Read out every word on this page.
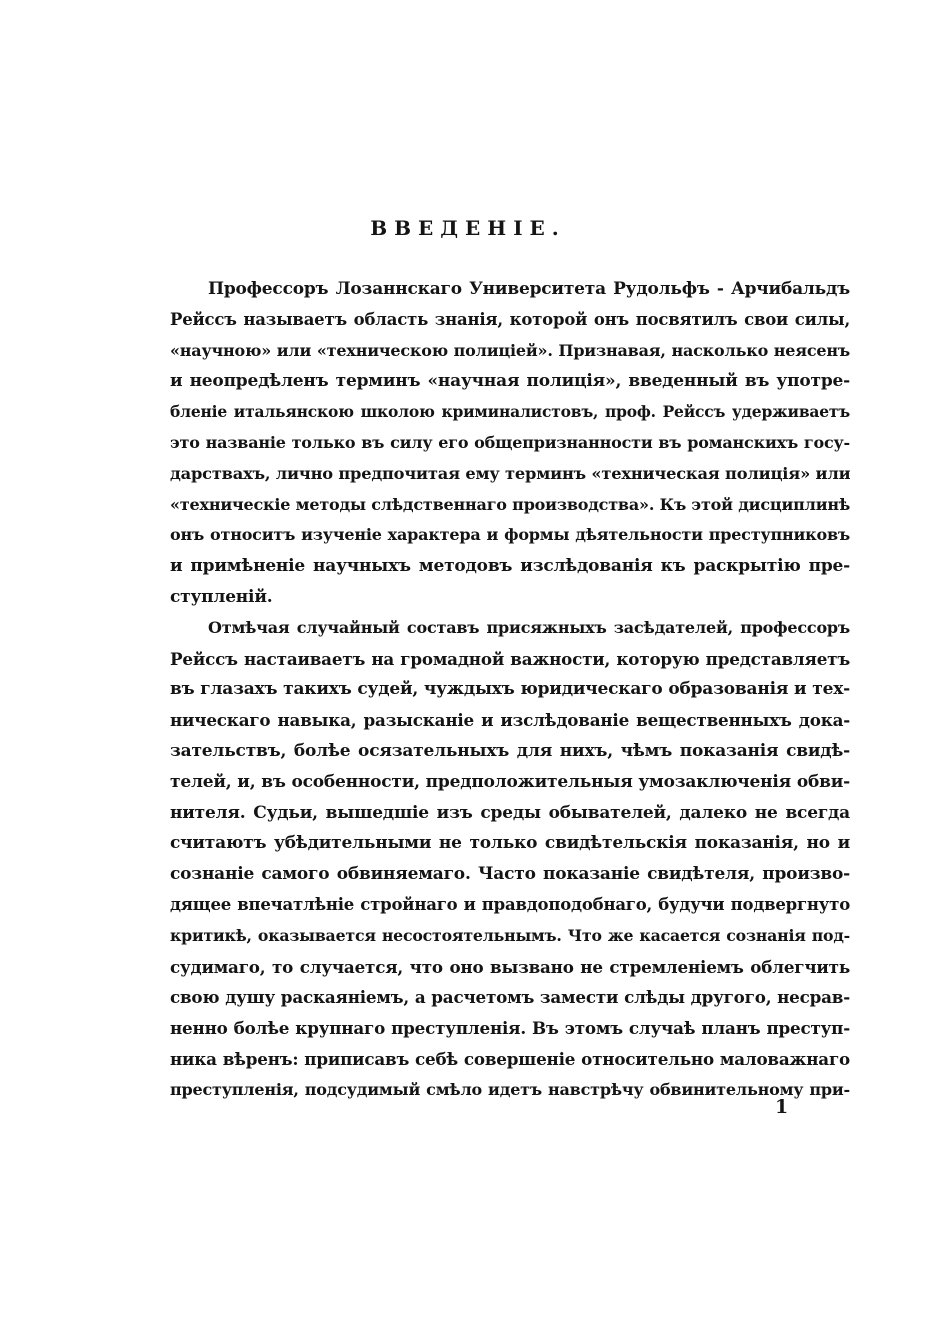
ВВЕДЕНІЕ.
Профессоръ Лозаннскаго Университета Рудольфъ - Арчибальдъ
Рейссъ называетъ область знанія, которой онъ посвятилъ свои силы,
«научною» или «техническою полиціей». Признавая, насколько неясенъ
и неопредѣленъ терминъ «научная полиція», введенный въ употре-
бленіе итальянскою школою криминалистовъ, проф. Рейссъ удерживаетъ
это названіе только въ силу его общепризнанности въ романскихъ госу-
дарствахъ, лично предпочитая ему терминъ «техническая полиція» или
«техническіе методы слѣдственнаго производства». Къ этой дисциплинѣ
онъ относитъ изученіе характера и формы дѣятельности преступниковъ
и примѣненіе научныхъ методовъ изслѣдованія къ раскрытію пре-
ступленій.
Отмѣчая случайный составъ присяжныхъ засѣдателей, профессоръ
Рейссъ настаиваетъ на громадной важности, которую представляетъ
въ глазахъ такихъ судей, чуждыхъ юридическаго образованія и тех-
ническаго навыка, разысканіе и изслѣдованіе вещественныхъ дока-
зательствъ, болѣе осязательныхъ для нихъ, чѣмъ показанія свидѣ-
телей, и, въ особенности, предположительныя умозаключенія обви-
нителя. Судьи, вышедшіе изъ среды обывателей, далеко не всегда
считаютъ убѣдительными не только свидѣтельскія показанія, но и
сознаніе самого обвиняемаго. Часто показаніе свидѣтеля, произво-
дящее впечатлѣніе стройнаго и правдоподобнаго, будучи подвергнуто
критикѣ, оказывается несостоятельнымъ. Что же касается сознанія под-
судимаго, то случается, что оно вызвано не стремленіемъ облегчить
свою душу раскаяніемъ, а расчетомъ замести слѣды другого, несрав-
ненно болѣе крупнаго преступленія. Въ этомъ случаѣ планъ преступ-
ника вѣренъ: приписавъ себѣ совершеніе относительно маловажнаго
преступленія, подсудимый смѣло идетъ навстрѣчу обвинительному при-
1
